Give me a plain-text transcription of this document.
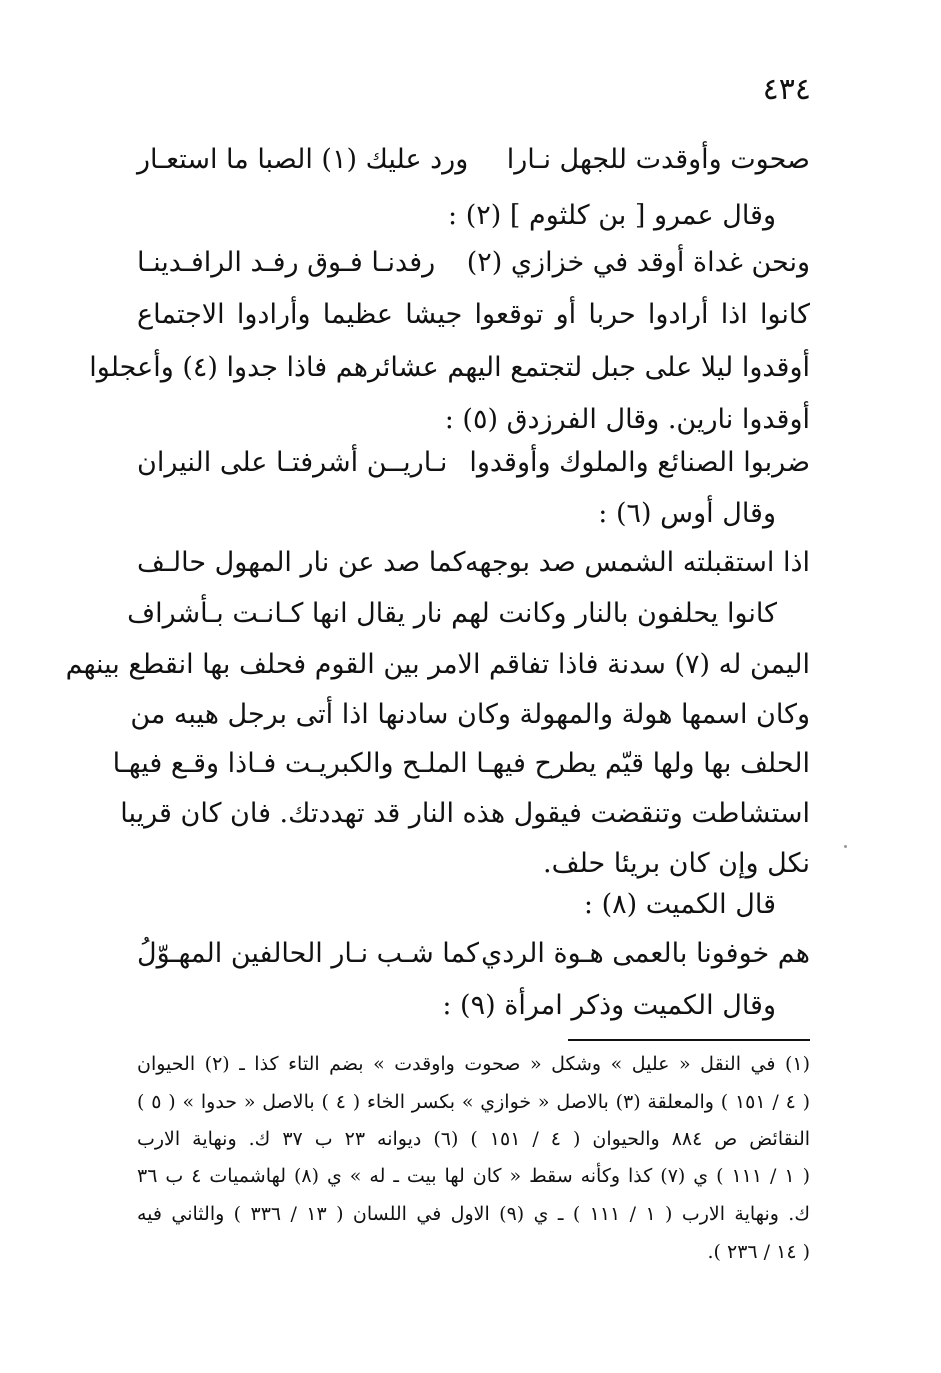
٤٣٤
صحوت وأوقدت للجهل نـارا
ورد عليك (١) الصبا ما استعـار
وقال عمرو [ بن كلثوم ] (٢) :
ونحن غداة أوقد في خزازي (٢)
رفدنـا فـوق رفـد الرافـدينـا
كانوا اذا أرادوا حربا أو توقعوا جيشا عظيما وأرادوا الاجتماع
أوقدوا ليلا على جبل لتجتمع اليهم عشائرهم فاذا جدوا (٤) وأعجلوا
أوقدوا نارين. وقال الفرزدق (٥) :
ضربوا الصنائع والملوك وأوقدوا
نـاريــن أشرفتـا على النيران
وقال أوس (٦) :
اذا استقبلته الشمس صد بوجهه
كما صد عن نار المهول حالـف
كانوا يحلفون بالنار وكانت لهم نار يقال انها كـانـت بـأشراف
اليمن له (٧) سدنة فاذا تفاقم الامر بين القوم فحلف بها انقطع بينهم
وكان اسمها هولة والمهولة وكان سادنها اذا أتى برجل هيبه من
الحلف بها ولها قيّم يطرح فيهـا الملـح والكبريـت فـاذا وقـع فيهـا
استشاطت وتنقضت فيقول هذه النار قد تهددتك. فان كان قريبا
نكل وإن كان بريئا حلف.
قال الكميت (٨) :
هم خوفونا بالعمى هـوة الردي
كما شـب نـار الحالفين المهـوّلُ
وقال الكميت وذكر امرأة (٩) :
(١) في النقل « عليل » وشكل « صحوت واوقدت » بضم التاء كذا ـ (٢) الحيوان
( ٤ / ١٥١ ) والمعلقة (٣) بالاصل « خوازي » بكسر الخاء ( ٤ ) بالاصل « حدوا » ( ٥ )
النقائض ص ٨٨٤ والحيوان ( ٤ / ١٥١ ) (٦) ديوانه ٢٣ ب ٣٧ ك. ونهاية الارب
( ١ / ١١١ ) ي (٧) كذا وكأنه سقط « كان لها بيت ـ له » ي (٨) لهاشميات ٤ ب ٣٦
ك. ونهاية الارب ( ١ / ١١١ ) ـ ي (٩) الاول في اللسان ( ١٣ / ٣٣٦ ) والثاني فيه
( ١٤ / ٢٣٦ ).
